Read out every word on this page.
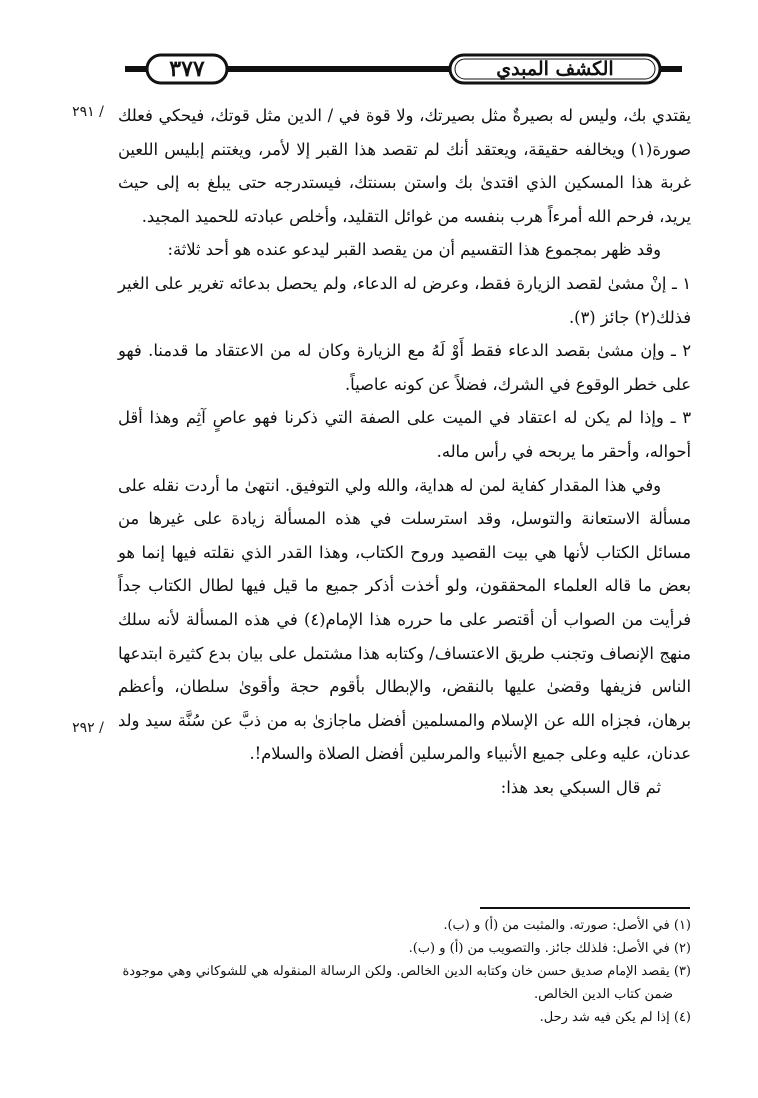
الكشف المبدي
٣٧٧
/ ٢٩١
/ ٢٩٢

يقتدي بك، وليس له بصيرةٌ مثل بصيرتك، ولا قوة في / الدين مثل قوتك، فيحكي فعلك صورة(١) ويخالفه حقيقة، ويعتقد أنك لم تقصد هذا القبر إلا لأمر، ويغتنم إبليس اللعين غربة هذا المسكين الذي اقتدىٰ بك واستن بسنتك، فيستدرجه حتى يبلغ به إلى حيث يريد، فرحم الله أمرءاً هرب بنفسه من غوائل التقليد، وأخلص عبادته للحميد المجيد.

وقد ظهر بمجموع هذا التقسيم أن من يقصد القبر ليدعو عنده هو أحد ثلاثة:

١ ـ إنْ مشىٰ لقصد الزيارة فقط، وعرض له الدعاء، ولم يحصل بدعائه تغرير على الغير فذلك(٢) جائز (٣).

٢ ـ وإن مشىٰ بقصد الدعاء فقط أَوْ لَهُ مع الزيارة وكان له من الاعتقاد ما قدمنا. فهو على خطر الوقوع في الشرك، فضلاً عن كونه عاصياً.

٣ ـ وإذا لم يكن له اعتقاد في الميت على الصفة التي ذكرنا فهو عاصٍ آثِم وهذا أقل أحواله، وأحقر ما يربحه في رأس ماله.

وفي هذا المقدار كفاية لمن له هداية، والله ولي التوفيق. انتهىٰ ما أردت نقله على مسألة الاستعانة والتوسل، وقد استرسلت في هذه المسألة زيادة على غيرها من مسائل الكتاب لأنها هي بيت القصيد وروح الكتاب، وهذا القدر الذي نقلته فيها إنما هو بعض ما قاله العلماء المحققون، ولو أخذت أذكر جميع ما قيل فيها لطال الكتاب جداً فرأيت من الصواب أن أقتصر على ما حرره هذا الإمام(٤) في هذه المسألة لأنه سلك منهج الإنصاف وتجنب طريق الاعتساف/ وكتابه هذا مشتمل على بيان بدع كثيرة ابتدعها الناس فزيفها وقضىٰ عليها بالنقض، والإبطال بأقوم حجة وأقوىٰ سلطان، وأعظم برهان، فجزاه الله عن الإسلام والمسلمين أفضل ماجازىٰ به من ذبَّ عن سُنَّة سيد ولد عدنان، عليه وعلى جميع الأنبياء والمرسلين أفضل الصلاة والسلام!.

ثم قال السبكي بعد هذا:

(١) في الأصل: صورته. والمثبت من (أ) و (ب).

(٢) في الأصل: فلذلك جائز. والتصويب من (أ) و (ب).

(٣) يقصد الإمام صديق حسن خان وكتابه الدين الخالص. ولكن الرسالة المنقوله هي للشوكاني وهي موجودة

ضمن كتاب الدين الخالص.

(٤) إذا لم يكن فيه شد رحل.
